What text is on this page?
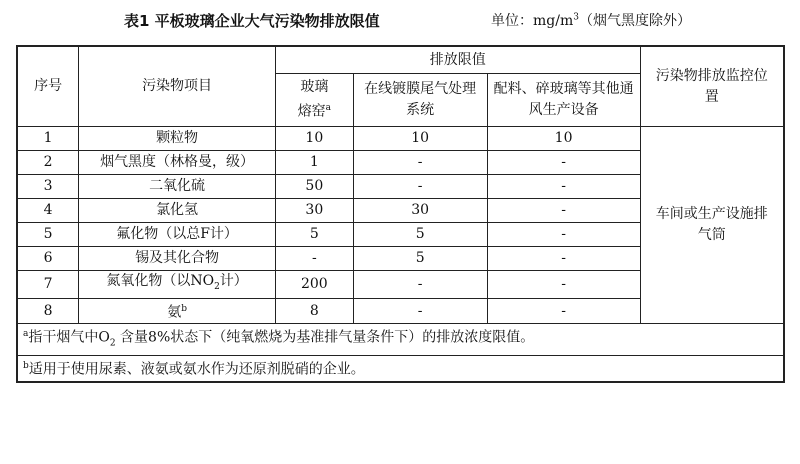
表1 平板玻璃企业大气污染物排放限值	单位：$mg/m^3$（烟气黑度除外）
序号	污染物项目	排放限值			污染物排放监控位置

		玻璃熔窑$^a$	在线镀膜尾气处理系统	配料、碎玻璃等其他通风生产设备	

1	颗粒物	10	10	10	车间或生产设施排气筒

2	烟气黑度（林格曼，级）	1	-	-	
3	二氧化硫	50	-	-	
4	氯化氢	30	30	-	
5	氟化物（以总F计）	5	5	-	
6	锡及其化合物	-	5	-	
7	氮氧化物（以$NO_2$计）	200	-	-	
8	氨$^b$	8	-	-	
$^a$指干烟气中$O_2$ 含量8%状态下（纯氧燃烧为基准排气量条件下）的排放浓度限值。					
$^b$适用于使用尿素、液氨或氨水作为还原剂脱硝的企业。					
